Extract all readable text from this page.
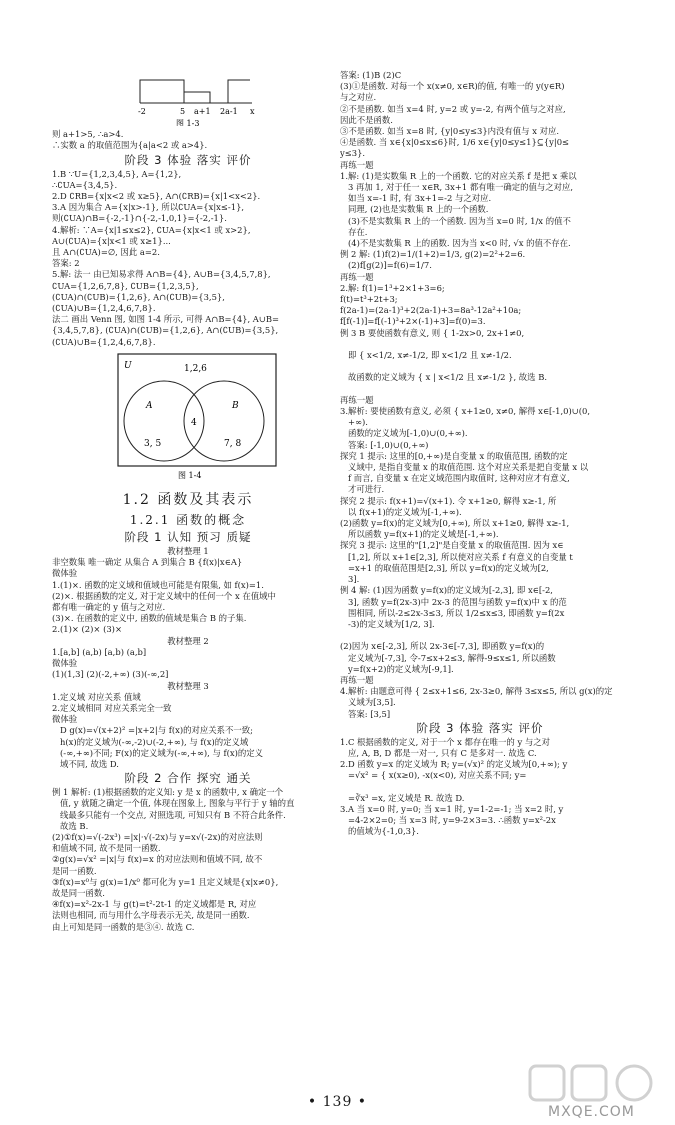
-2	5 a+1 2a-1 x
图 1-3
则 a+1>5, ∴a>4.
∴实数 a 的取值范围为{a|a<2 或 a>4}.
阶段 3 体验 落实 评价
1.B ∵U={1,2,3,4,5}, A={1,2},
∴∁UA={3,4,5}.
2.D ∁RB={x|x<2 或 x≥5}, A∩(∁RB)={x|1<x<2}.
3.A 因为集合 A={x|x>-1}, 所以∁UA={x|x≤-1},
则(∁UA)∩B={-2,-1}∩{-2,-1,0,1}={-2,-1}.
4.解析: ∵A={x|1≤x≤2}, ∁UA={x|x<1 或 x>2},
A∪(∁UA)={x|x<1 或 x≥1}...
且 A∩(∁UA)=∅, 因此 a=2.
答案: 2
5.解: 法一 由已知易求得 A∩B={4}, A∪B={3,4,5,7,8},
∁UA={1,2,6,7,8}, ∁UB={1,2,3,5},
(∁UA)∩(∁UB)={1,2,6}, A∩(∁UB)={3,5},
(∁UA)∪B={1,2,4,6,7,8}.
法二 画出 Venn 图, 如图 1-4 所示, 可得 A∩B={4}, A∪B=
{3,4,5,7,8}, (∁UA)∩(∁UB)={1,2,6}, A∩(∁UB)={3,5},
(∁UA)∪B={1,2,4,6,7,8}.
U	1,2,6
A	B
4
3, 5	7, 8
图 1-4
1.2 函数及其表示
1.2.1 函数的概念
阶段 1 认知 预习 质疑
教材整理 1
非空数集 唯一确定 从集合 A 到集合 B {f(x)|x∈A}
微体验
1.(1)×. 函数的定义域和值域也可能是有限集, 如 f(x)=1.
(2)×. 根据函数的定义, 对于定义域中的任何一个 x 在值域中
都有唯一确定的 y 值与之对应.
(3)×. 在函数的定义中, 函数的值域是集合 B 的子集.
2.(1)× (2)× (3)×
教材整理 2
1.[a,b] (a,b) [a,b) (a,b]
微体验
(1)(1,3] (2)(-2,+∞) (3)(-∞,2]
教材整理 3
1.定义域 对应关系 值域
2.定义域相同 对应关系完全一致
微体验
D g(x)=√(x+2)² =|x+2|与 f(x)的对应关系不一致;
h(x)的定义域为(-∞,-2)∪(-2,+∞), 与 f(x)的定义域
(-∞,+∞)不同; F(x)的定义域为(-∞,+∞), 与 f(x)的定义
域不同, 故选 D.
阶段 2 合作 探究 通关
例 1 解析: (1)根据函数的定义知: y 是 x 的函数中, x 确定一个
值, y 就随之确定一个值, 体现在图象上, 图象与平行于 y 轴的直
线最多只能有一个交点, 对照选项, 可知只有 B 不符合此条件.
故选 B.
(2)①f(x)=√(-2x³) =|x|·√(-2x)与 y=x√(-2x)的对应法则
和值域不同, 故不是同一函数.
②g(x)=√x² =|x|与 f(x)=x 的对应法则和值域不同, 故不
是同一函数.
③f(x)=x⁰与 g(x)=1/x⁰ 都可化为 y=1 且定义域是{x|x≠0},
故是同一函数.
④f(x)=x²-2x-1 与 g(t)=t²-2t-1 的定义域都是 R, 对应
法则也相同, 而与用什么字母表示无关, 故是同一函数.
由上可知是同一函数的是③④. 故选 C.
答案: (1)B (2)C
(3)①是函数. 对每一个 x(x≠0, x∈R)的值, 有唯一的 y(y∈R)
与之对应.
②不是函数. 如当 x=4 时, y=2 或 y=-2, 有两个值与之对应,
因此不是函数.
③不是函数. 如当 x=8 时, {y|0≤y≤3}内没有值与 x 对应.
④是函数. 当 x∈{x|0≤x≤6}时, 1/6 x∈{y|0≤y≤1}⊆{y|0≤
y≤3}.
再练一题
1.解: (1)是实数集 R 上的一个函数. 它的对应关系 f 是把 x 乘以
3 再加 1, 对于任一 x∈R, 3x+1 都有唯一确定的值与之对应,
如当 x=-1 时, 有 3x+1=-2 与之对应.
同理, (2)也是实数集 R 上的一个函数.
(3)不是实数集 R 上的一个函数. 因为当 x=0 时, 1/x 的值不
存在.
(4)不是实数集 R 上的函数. 因为当 x<0 时, √x 的值不存在.
例 2 解: (1)f(2)=1/(1+2)=1/3, g(2)=2²+2=6.
(2)f[g(2)]=f(6)=1/7.
再练一题
2.解: f(1)=1³+2×1+3=6;
f(t)=t³+2t+3;
f(2a-1)=(2a-1)³+2(2a-1)+3=8a³-12a²+10a;
f[f(-1)]=f[(-1)³+2×(-1)+3]=f(0)=3.
例 3 B 要使函数有意义, 则 { 1-2x>0, 2x+1≠0,
即 { x<1/2, x≠-1/2, 即 x<1/2 且 x≠-1/2.
故函数的定义域为 { x | x<1/2 且 x≠-1/2 }, 故选 B.
再练一题
3.解析: 要使函数有意义, 必须 { x+1≥0, x≠0, 解得 x∈[-1,0)∪(0,
+∞).
函数的定义域为[-1,0)∪(0,+∞).
答案: [-1,0)∪(0,+∞)
探究 1 提示: 这里的[0,+∞)是自变量 x 的取值范围, 函数的定
义域中, 是指自变量 x 的取值范围. 这个对应关系是把自变量 x 以
f 而言, 自变量 x 在定义域范围内取值时, 这种对应才有意义,
才可进行.
探究 2 提示: f(x+1)=√(x+1). 令 x+1≥0, 解得 x≥-1, 所
以 f(x+1)的定义域为[-1,+∞).
(2)函数 y=f(x)的定义域为[0,+∞), 所以 x+1≥0, 解得 x≥-1,
所以函数 y=f(x+1)的定义域是[-1,+∞).
探究 3 提示: 这里的"[1,2]"是自变量 x 的取值范围. 因为 x∈
[1,2], 所以 x+1∈[2,3], 所以使对应关系 f 有意义的自变量 t
=x+1 的取值范围是[2,3], 所以 y=f(x)的定义域为[2,
3].
例 4 解: (1)因为函数 y=f(x)的定义域为[-2,3], 即 x∈[-2,
3], 函数 y=f(2x-3)中 2x-3 的范围与函数 y=f(x)中 x 的范
围相同, 所以-2≤2x-3≤3, 所以 1/2≤x≤3, 即函数 y=f(2x
-3)的定义域为[1/2, 3].
(2)因为 x∈[-2,3], 所以 2x-3∈[-7,3], 即函数 y=f(x)的
定义域为[-7,3], 令-7≤x+2≤3, 解得-9≤x≤1, 所以函数
y=f(x+2)的定义域为[-9,1].
再练一题
4.解析: 由题意可得 { 2≤x+1≤6, 2x-3≥0, 解得 3≤x≤5, 所以 g(x)的定
义域为[3,5].
答案: [3,5]
阶段 3 体验 落实 评价
1.C 根据函数的定义, 对于一个 x 都存在唯一的 y 与之对
应, A, B, D 都是一对一, 只有 C 是多对一. 故选 C.
2.D 函数 y=x 的定义域为 R; y=(√x)² 的定义域为[0,+∞); y
=√x² = { x(x≥0), -x(x<0), 对应关系不同; y=
=∛x³ =x, 定义域是 R. 故选 D.
3.A 当 x=0 时, y=0; 当 x=1 时, y=1-2=-1; 当 x=2 时, y
=4-2×2=0; 当 x=3 时, y=9-2×3=3. ∴函数 y=x²-2x
的值域为{-1,0,3}.
• 139 •
MXQE.COM
